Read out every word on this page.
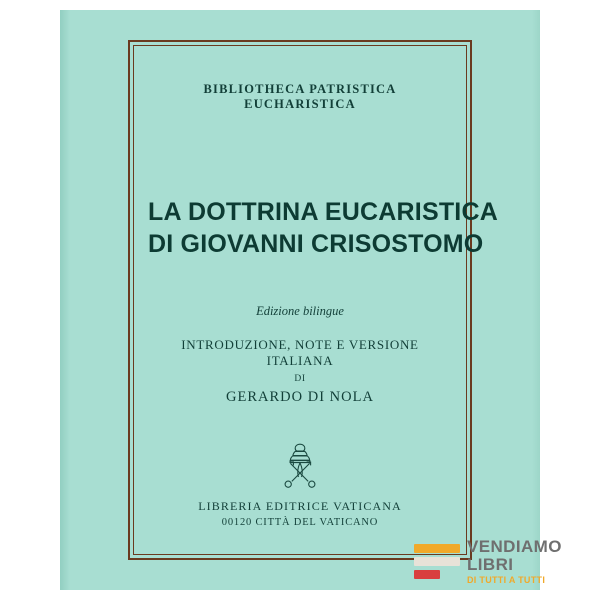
BIBLIOTHECA PATRISTICA EUCHARISTICA
LA DOTTRINA EUCARISTICA
DI GIOVANNI CRISOSTOMO
Edizione bilingue
INTRODUZIONE, NOTE E VERSIONE ITALIANA
DI
GERARDO DI NOLA
LIBRERIA EDITRICE VATICANA
00120 CITTÀ DEL VATICANO
VENDIAMO
LIBRI
DI TUTTI A TUTTI
